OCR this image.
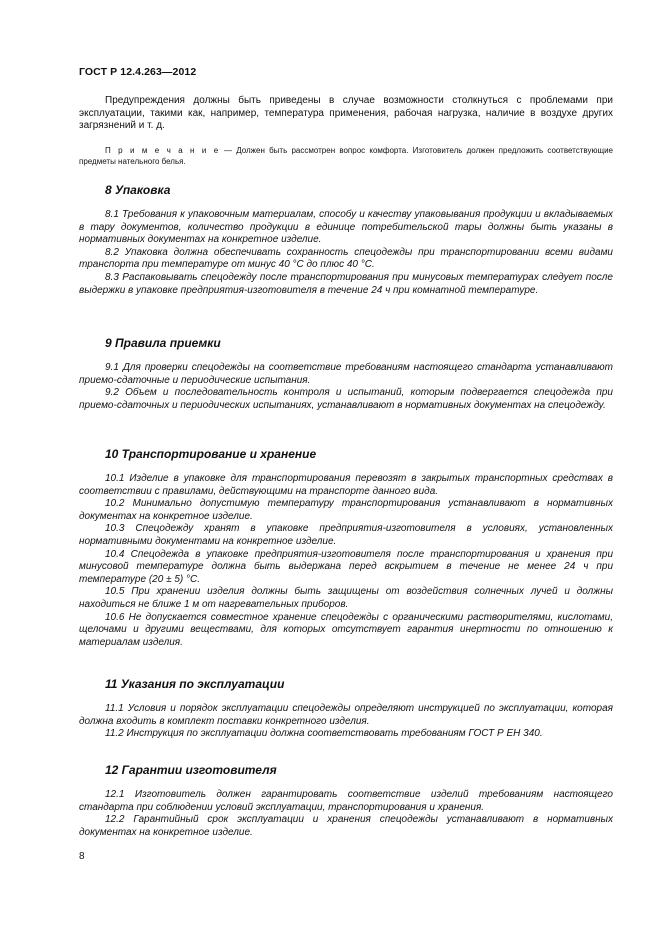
ГОСТ Р 12.4.263—2012

Предупреждения должны быть приведены в случае возможности столкнуться с проблемами при эксплуатации, такими как, например, температура применения, рабочая нагрузка, наличие в воздухе других загрязнений и т. д.

П р и м е ч а н и е — Должен быть рассмотрен вопрос комфорта. Изготовитель должен предложить соответствующие предметы нательного белья.

8 Упаковка

8.1 Требования к упаковочным материалам, способу и качеству упаковывания продукции и вкладываемых в тару документов, количество продукции в единице потребительской тары должны быть указаны в нормативных документах на конкретное изделие.

8.2 Упаковка должна обеспечивать сохранность спецодежды при транспортировании всеми видами транспорта при температуре от минус 40 °С до плюс 40 °С.

8.3 Распаковывать спецодежду после транспортирования при минусовых температурах следует после выдержки в упаковке предприятия-изготовителя в течение 24 ч при комнатной температуре.

9 Правила приемки

9.1 Для проверки спецодежды на соответствие требованиям настоящего стандарта устанавливают приемо-сдаточные и периодические испытания.

9.2 Объем и последовательность контроля и испытаний, которым подвергается спецодежда при приемо-сдаточных и периодических испытаниях, устанавливают в нормативных документах на спецодежду.

10 Транспортирование и хранение

10.1 Изделие в упаковке для транспортирования перевозят в закрытых транспортных средствах в соответствии с правилами, действующими на транспорте данного вида.

10.2 Минимально допустимую температуру транспортирования устанавливают в нормативных документах на конкретное изделие.

10.3 Спецодежду хранят в упаковке предприятия-изготовителя в условиях, установленных нормативными документами на конкретное изделие.

10.4 Спецодежда в упаковке предприятия-изготовителя после транспортирования и хранения при минусовой температуре должна быть выдержана перед вскрытием в течение не менее 24 ч при температуре (20 ± 5) °С.

10.5 При хранении изделия должны быть защищены от воздействия солнечных лучей и должны находиться не ближе 1 м от нагревательных приборов.

10.6 Не допускается совместное хранение спецодежды с органическими растворителями, кислотами, щелочами и другими веществами, для которых отсутствует гарантия инертности по отношению к материалам изделия.

11 Указания по эксплуатации

11.1 Условия и порядок эксплуатации спецодежды определяют инструкцией по эксплуатации, которая должна входить в комплект поставки конкретного изделия.

11.2 Инструкция по эксплуатации должна соответствовать требованиям ГОСТ Р ЕН 340.

12 Гарантии изготовителя

12.1 Изготовитель должен гарантировать соответствие изделий требованиям настоящего стандарта при соблюдении условий эксплуатации, транспортирования и хранения.

12.2 Гарантийный срок эксплуатации и хранения спецодежды устанавливают в нормативных документах на конкретное изделие.

8
